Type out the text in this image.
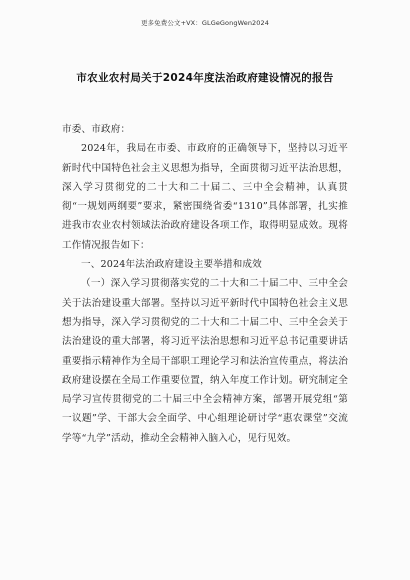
更多免费公文+VX：GLGeGongWen2024
市农业农村局关于2024年度法治政府建设情况的报告

市委、市政府：

2024年，我局在市委、市政府的正确领导下，坚持以习近平新时代中国特色社会主义思想为指导，全面贯彻习近平法治思想，深入学习贯彻党的二十大和二十届二、三中全会精神，认真贯彻“一规划两纲要”要求，紧密围绕省委“1310”具体部署，扎实推进我市农业农村领域法治政府建设各项工作，取得明显成效。现将工作情况报告如下：

一、2024年法治政府建设主要举措和成效

（一）深入学习贯彻落实党的二十大和二十届二中、三中全会关于法治建设重大部署。坚持以习近平新时代中国特色社会主义思想为指导，深入学习贯彻党的二十大和二十届二中、三中全会关于法治建设的重大部署，将习近平法治思想和习近平总书记重要讲话重要指示精神作为全局干部职工理论学习和法治宣传重点，将法治政府建设摆在全局工作重要位置，纳入年度工作计划。研究制定全局学习宣传贯彻党的二十届三中全会精神方案，部署开展党组“第一议题”学、干部大会全面学、中心组理论研讨学“惠农课堂”交流学等“九学”活动，推动全会精神入脑入心，见行见效。
